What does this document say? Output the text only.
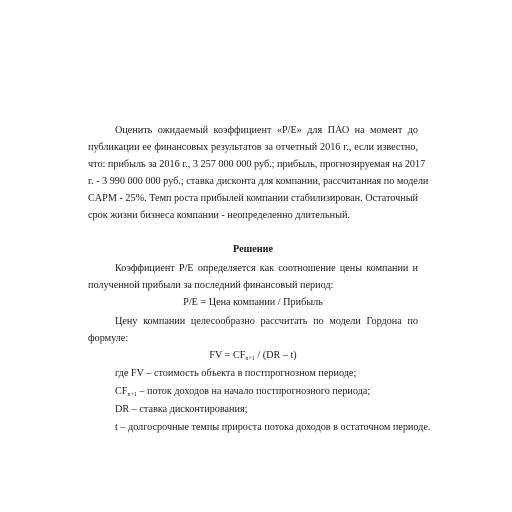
Оценить ожидаемый коэффициент «P/E» для ПАО на момент до
публикации ее финансовых результатов за отчетный 2016 г., если известно,
что: прибыль за 2016 г., 3 257 000 000 руб.; прибыль, прогнозируемая на 2017
г. - 3 990 000 000 руб.; ставка дисконта для компании, рассчитанная по модели
CAPM - 25%. Темп роста прибылей компании стабилизирован. Остаточный
срок жизни бизнеса компании - неопределенно длительный.
Решение
Коэффициент P/E определяется как соотношение цены компании и
полученной прибыли за последний финансовый период:
P/E = Цена компании / Прибыль
Цену компании целесообразно рассчитать по модели Гордона по
формуле:
FV = $CF_{n+1} / (DR - t)$
где FV – стоимость объекта в постпрогнозном периоде;
$CF_{n+1}$ – поток доходов на начало постпрогнозного периода;
DR – ставка дисконтирования;
t – долгосрочные темпы прироста потока доходов в остаточном периоде.
